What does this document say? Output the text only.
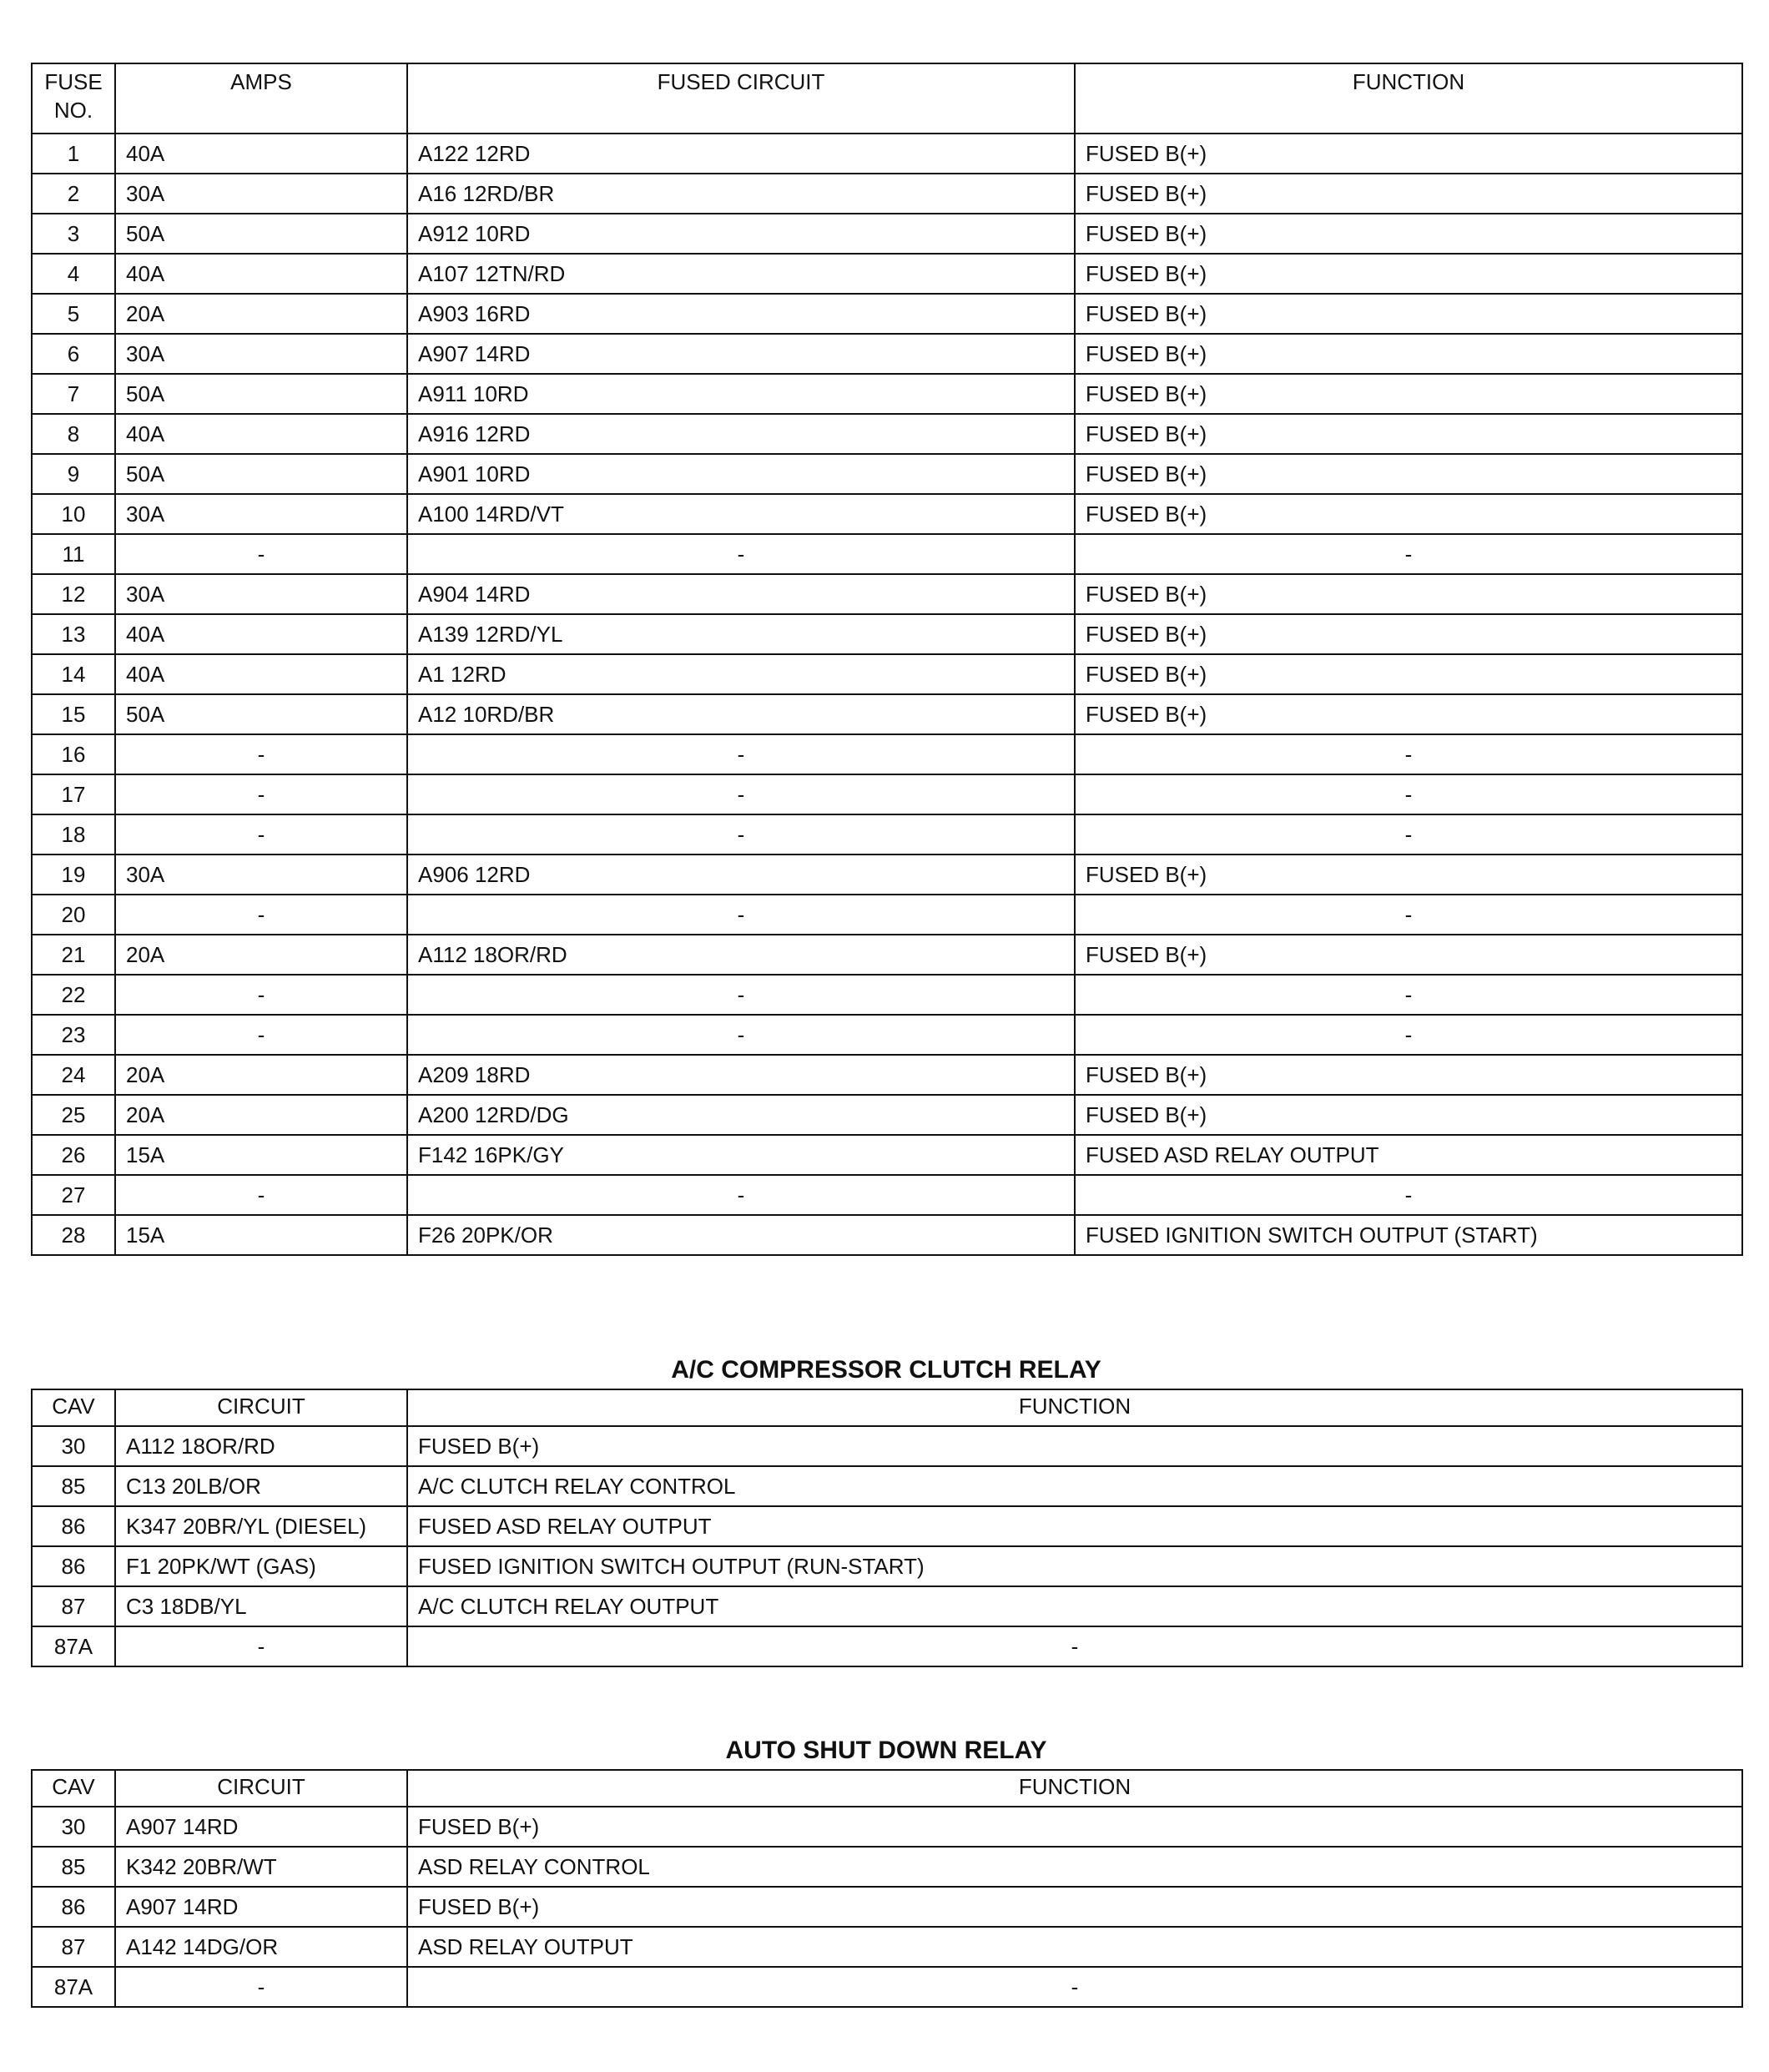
FUSE NO.	AMPS	FUSED CIRCUIT	FUNCTION
1	40A	A122 12RD	FUSED B(+)
2	30A	A16 12RD/BR	FUSED B(+)
3	50A	A912 10RD	FUSED B(+)
4	40A	A107 12TN/RD	FUSED B(+)
5	20A	A903 16RD	FUSED B(+)
6	30A	A907 14RD	FUSED B(+)
7	50A	A911 10RD	FUSED B(+)
8	40A	A916 12RD	FUSED B(+)
9	50A	A901 10RD	FUSED B(+)
10	30A	A100 14RD/VT	FUSED B(+)
11	-	-	-
12	30A	A904 14RD	FUSED B(+)
13	40A	A139 12RD/YL	FUSED B(+)
14	40A	A1 12RD	FUSED B(+)
15	50A	A12 10RD/BR	FUSED B(+)
16	-	-	-
17	-	-	-
18	-	-	-
19	30A	A906 12RD	FUSED B(+)
20	-	-	-
21	20A	A112 18OR/RD	FUSED B(+)
22	-	-	-
23	-	-	-
24	20A	A209 18RD	FUSED B(+)
25	20A	A200 12RD/DG	FUSED B(+)
26	15A	F142 16PK/GY	FUSED ASD RELAY OUTPUT
27	-	-	-
28	15A	F26 20PK/OR	FUSED IGNITION SWITCH OUTPUT (START)
A/C COMPRESSOR CLUTCH RELAY
CAV	CIRCUIT	FUNCTION
30	A112 18OR/RD	FUSED B(+)
85	C13 20LB/OR	A/C CLUTCH RELAY CONTROL
86	K347 20BR/YL (DIESEL)	FUSED ASD RELAY OUTPUT
86	F1 20PK/WT (GAS)	FUSED IGNITION SWITCH OUTPUT (RUN-START)
87	C3 18DB/YL	A/C CLUTCH RELAY OUTPUT
87A	-	-
AUTO SHUT DOWN RELAY
CAV	CIRCUIT	FUNCTION
30	A907 14RD	FUSED B(+)
85	K342 20BR/WT	ASD RELAY CONTROL
86	A907 14RD	FUSED B(+)
87	A142 14DG/OR	ASD RELAY OUTPUT
87A	-	-
